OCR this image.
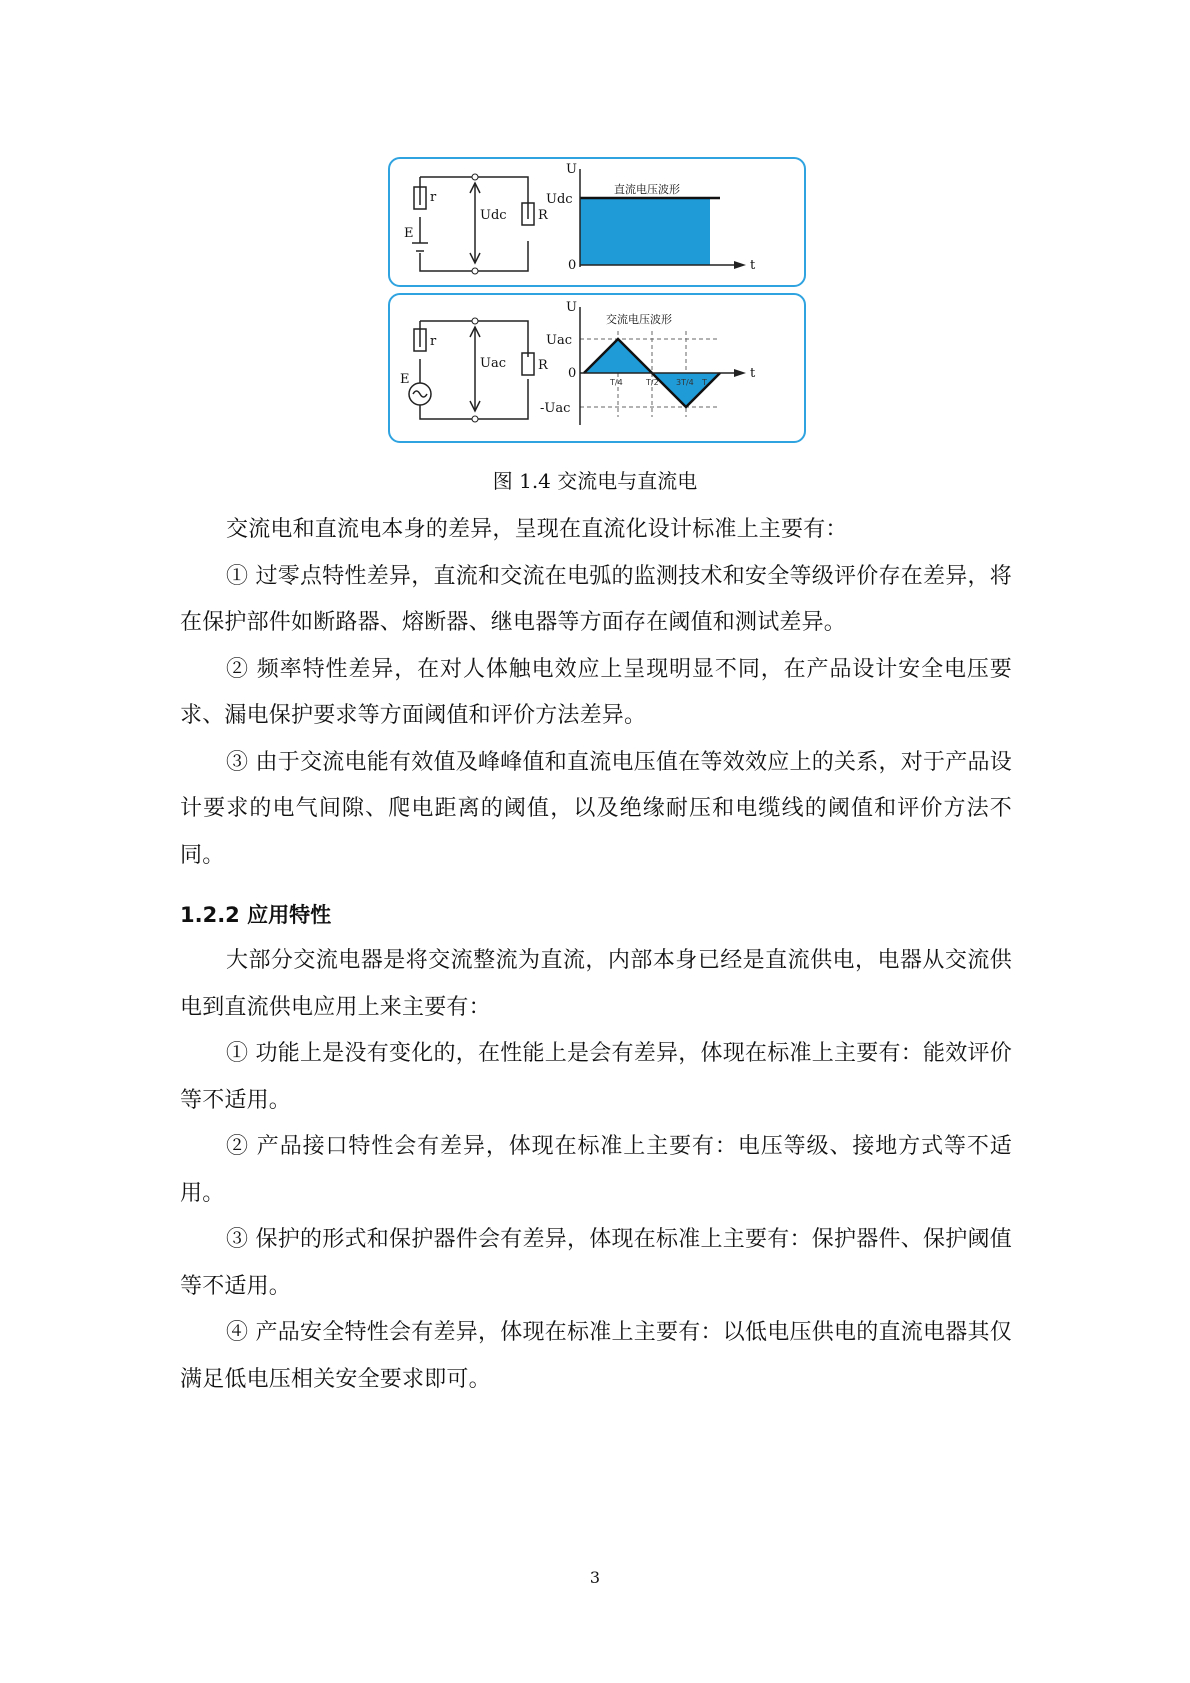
r
R
E
Udc
U
t
Udc
0
直流电压波形
r
R
E
Uac
U
t
Uac
-Uac
0
交流电压波形
T/4	T/2 3T/4 T
图 1.4 交流电与直流电

交流电和直流电本身的差异，呈现在直流化设计标准上主要有：

① 过零点特性差异，直流和交流在电弧的监测技术和安全等级评价存在差异，将在保护部件如断路器、熔断器、继电器等方面存在阈值和测试差异。

② 频率特性差异，在对人体触电效应上呈现明显不同，在产品设计安全电压要求、漏电保护要求等方面阈值和评价方法差异。

③ 由于交流电能有效值及峰峰值和直流电压值在等效效应上的关系，对于产品设计要求的电气间隙、爬电距离的阈值，以及绝缘耐压和电缆线的阈值和评价方法不同。

1.2.2 应用特性

大部分交流电器是将交流整流为直流，内部本身已经是直流供电，电器从交流供电到直流供电应用上来主要有：

① 功能上是没有变化的，在性能上是会有差异，体现在标准上主要有：能效评价等不适用。

② 产品接口特性会有差异，体现在标准上主要有：电压等级、接地方式等不适用。

③ 保护的形式和保护器件会有差异，体现在标准上主要有：保护器件、保护阈值等不适用。

④ 产品安全特性会有差异，体现在标准上主要有：以低电压供电的直流电器其仅满足低电压相关安全要求即可。

3
